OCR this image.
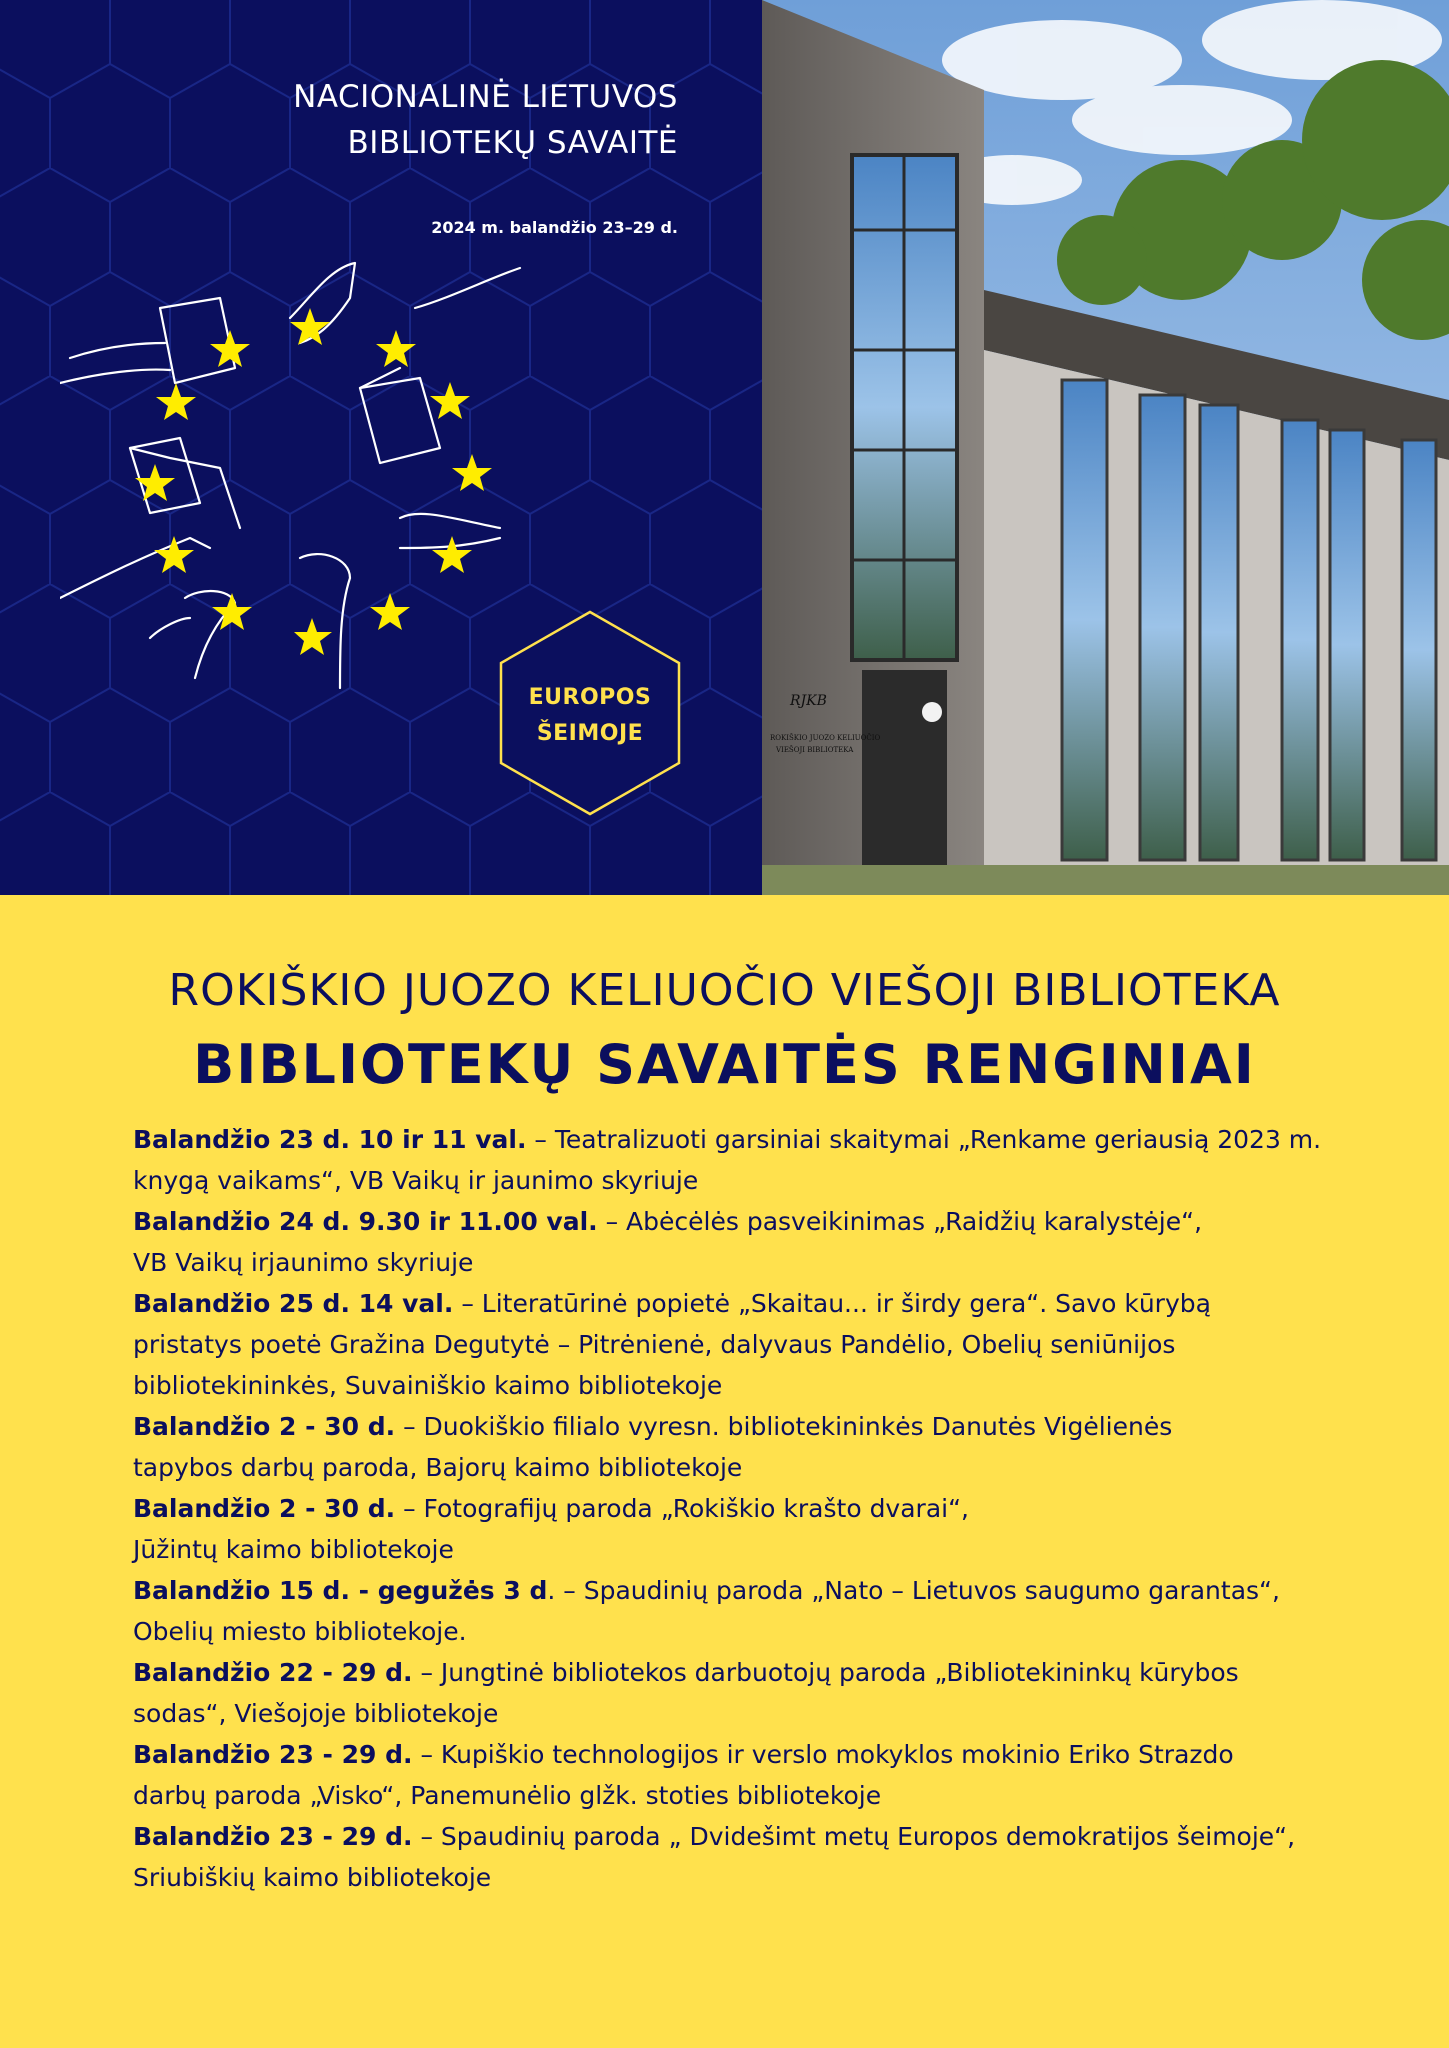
NACIONALINĖ LIETUVOS
BIBLIOTEKŲ SAVAITĖ
2024 m. balandžio 23–29 d.
EUROPOS
ŠEIMOJE
RJKB
ROKIŠKIO JUOZO KELIUOČIO
VIEŠOJI BIBLIOTEKA
ROKIŠKIO JUOZO KELIUOČIO VIEŠOJI BIBLIOTEKA
BIBLIOTEKŲ SAVAITĖS RENGINIAI
Balandžio 23 d. 10 ir 11 val. – Teatralizuoti garsiniai skaitymai „Renkame geriausią 2023 m.
knygą vaikams“, VB Vaikų ir jaunimo skyriuje
Balandžio 24 d. 9.30 ir 11.00 val. – Abėcėlės pasveikinimas „Raidžių karalystėje“,
VB Vaikų irjaunimo skyriuje
Balandžio 25 d. 14 val. – Literatūrinė popietė „Skaitau... ir širdy gera“. Savo kūrybą
pristatys poetė Gražina Degutytė – Pitrėnienė, dalyvaus Pandėlio, Obelių seniūnijos
bibliotekininkės, Suvainiškio kaimo bibliotekoje
Balandžio 2 - 30 d. – Duokiškio filialo vyresn. bibliotekininkės Danutės Vigėlienės
tapybos darbų paroda, Bajorų kaimo bibliotekoje
Balandžio 2 - 30 d. – Fotografijų paroda „Rokiškio krašto dvarai“,
Jūžintų kaimo bibliotekoje
Balandžio 15 d. - gegužės 3 d. – Spaudinių paroda „Nato – Lietuvos saugumo garantas“,
Obelių miesto bibliotekoje.
Balandžio 22 - 29 d. – Jungtinė bibliotekos darbuotojų paroda „Bibliotekininkų kūrybos
sodas“, Viešojoje bibliotekoje
Balandžio 23 - 29 d. – Kupiškio technologijos ir verslo mokyklos mokinio Eriko Strazdo
darbų paroda „Visko“, Panemunėlio glžk. stoties bibliotekoje
Balandžio 23 - 29 d. – Spaudinių paroda „ Dvidešimt metų Europos demokratijos šeimoje“,
Sriubiškių kaimo bibliotekoje
